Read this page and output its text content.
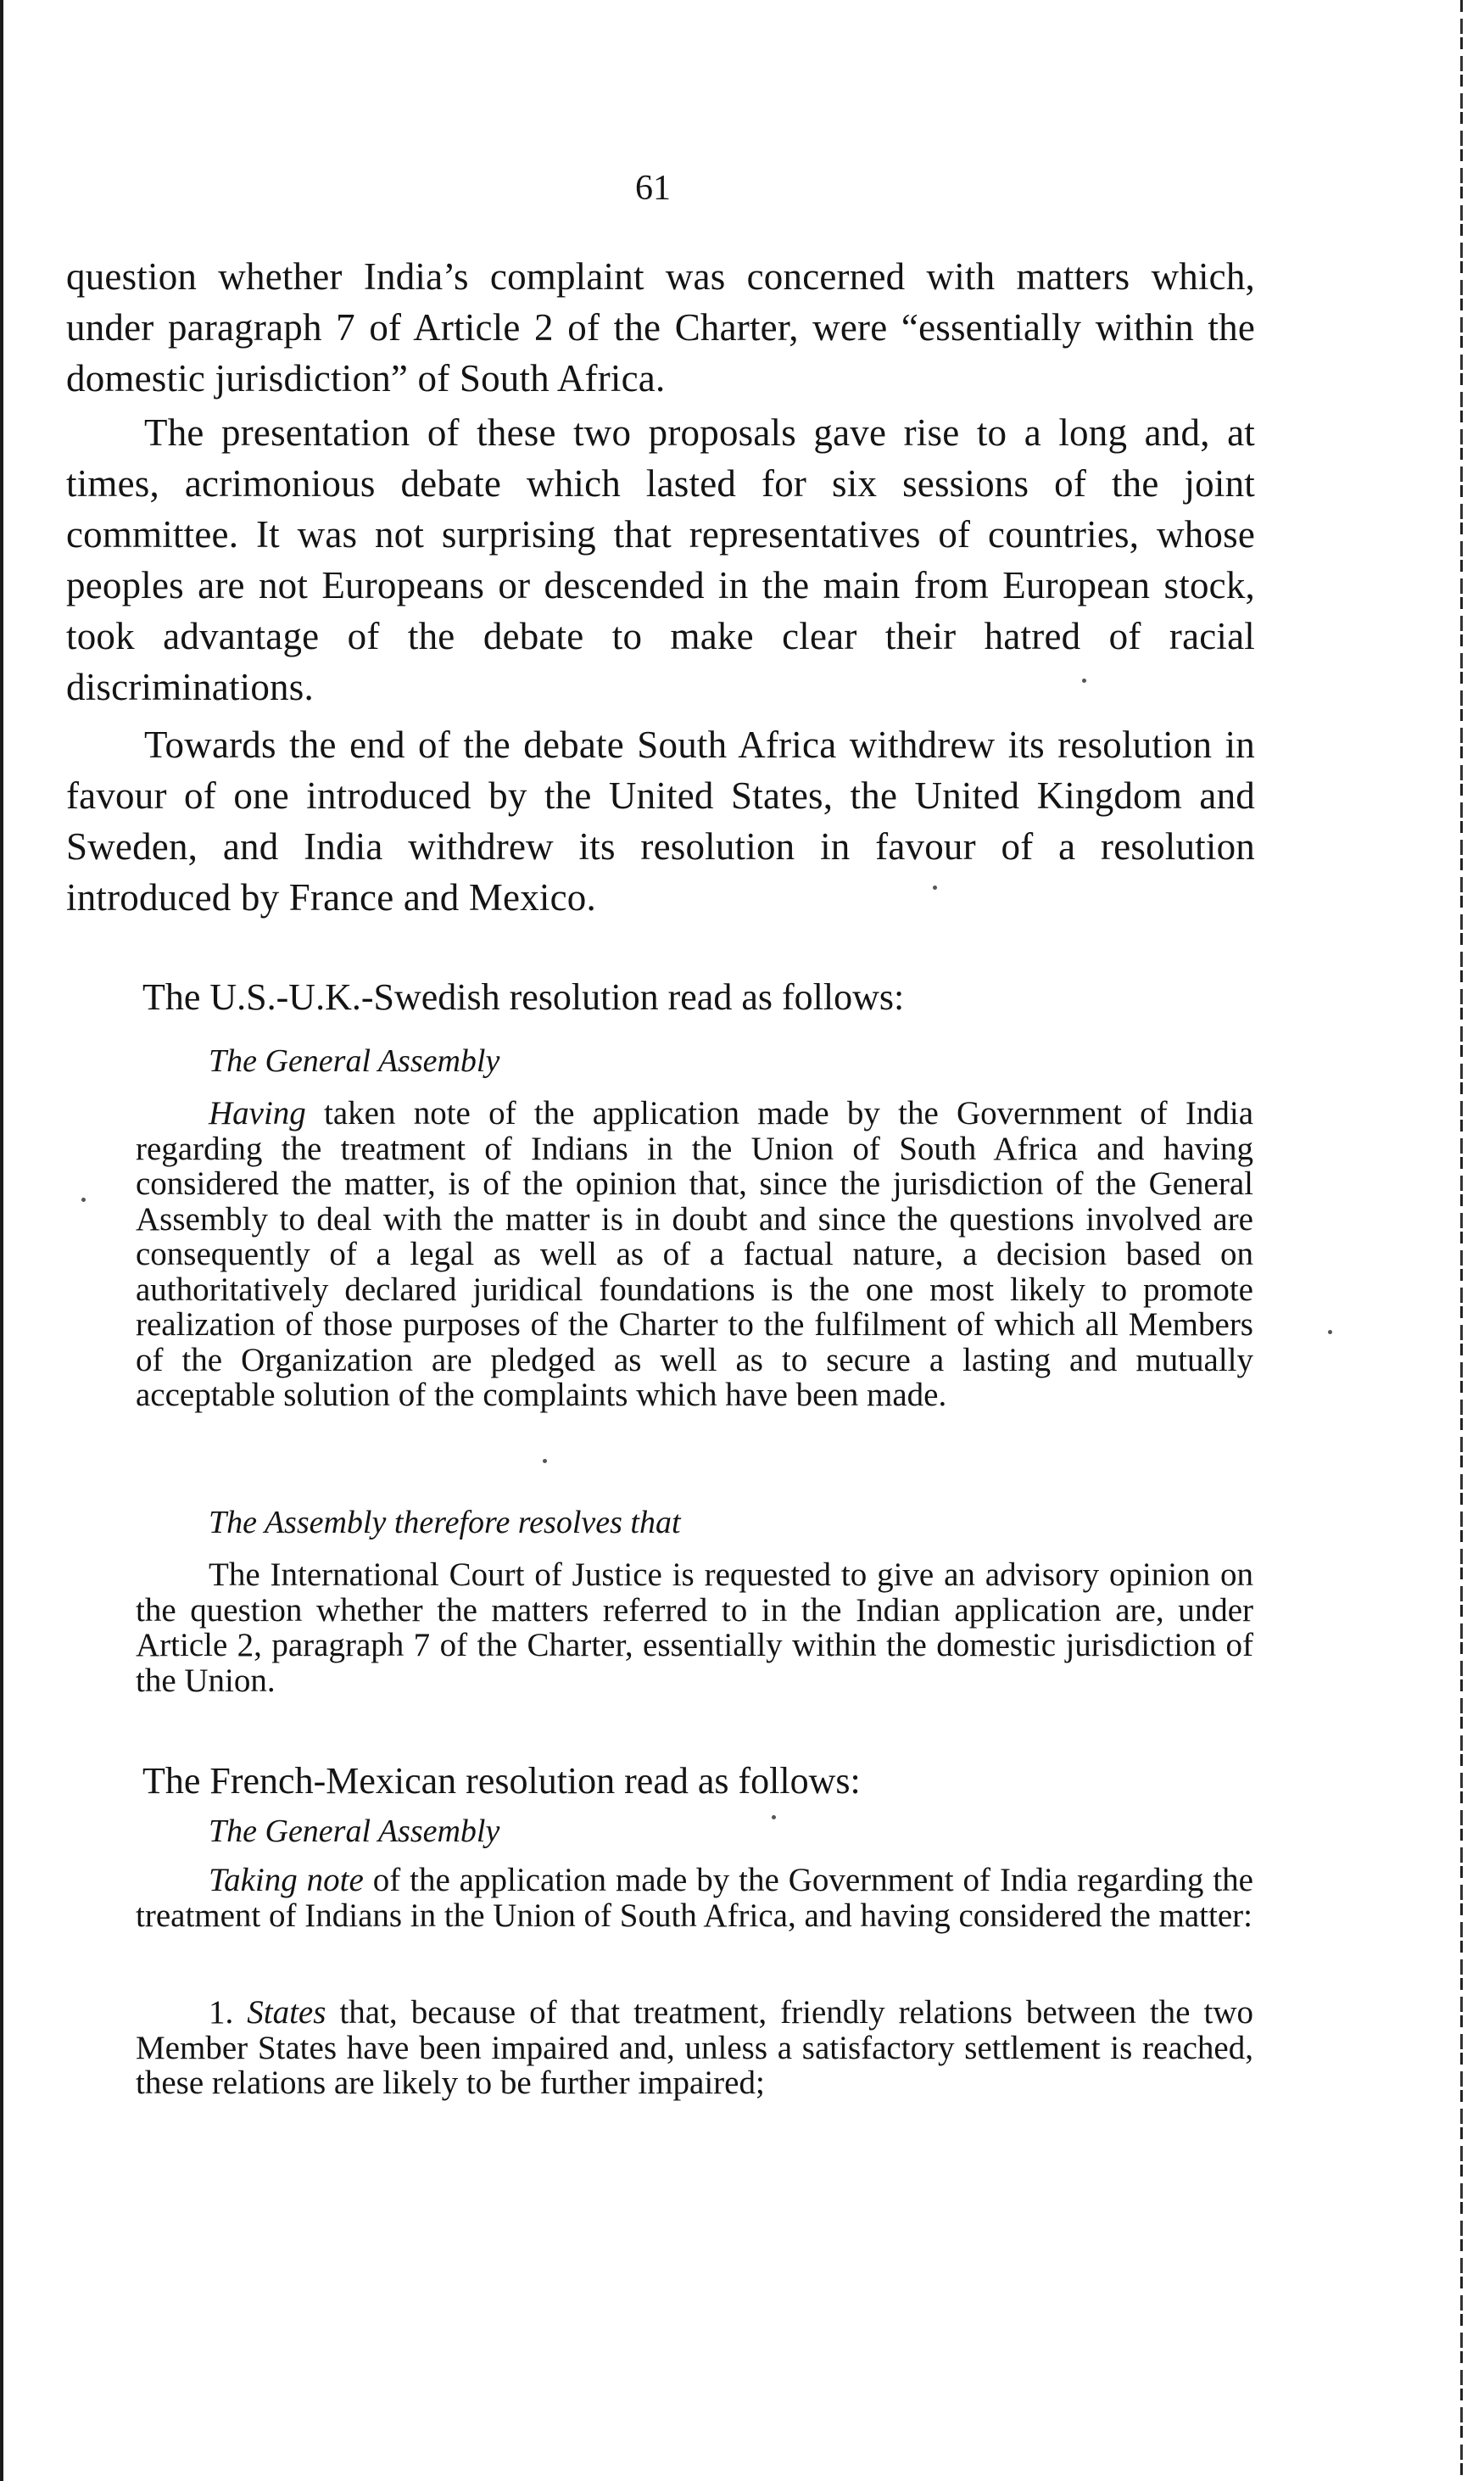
61

question whether India’s complaint was concerned with matters which, under paragraph 7 of Article 2 of the Charter, were “essentially within the domestic jurisdiction” of South Africa.

The presentation of these two proposals gave rise to a long and, at times, acrimonious debate which lasted for six sessions of the joint committee. It was not surprising that representatives of countries, whose peoples are not Europeans or descended in the main from European stock, took advantage of the debate to make clear their hatred of racial discriminations.

Towards the end of the debate South Africa withdrew its resolution in favour of one introduced by the United States, the United Kingdom and Sweden, and India withdrew its resolution in favour of a resolution introduced by France and Mexico.

The U.S.-U.K.-Swedish resolution read as follows:

The General Assembly

Having taken note of the application made by the Government of India regarding the treatment of Indians in the Union of South Africa and having considered the matter, is of the opinion that, since the jurisdiction of the General Assembly to deal with the matter is in doubt and since the questions involved are consequently of a legal as well as of a factual nature, a decision based on authoritatively declared juridical foundations is the one most likely to promote realization of those purposes of the Charter to the fulfilment of which all Members of the Organization are pledged as well as to secure a lasting and mutually acceptable solution of the complaints which have been made.

The Assembly therefore resolves that

The International Court of Justice is requested to give an advisory opinion on the question whether the matters referred to in the Indian application are, under Article 2, paragraph 7 of the Charter, essentially within the domestic jurisdiction of the Union.

The French-Mexican resolution read as follows:

The General Assembly

Taking note of the application made by the Government of India regarding the treatment of Indians in the Union of South Africa, and having considered the matter:

1. States that, because of that treatment, friendly relations between the two Member States have been impaired and, unless a satisfactory settlement is reached, these relations are likely to be further impaired;
